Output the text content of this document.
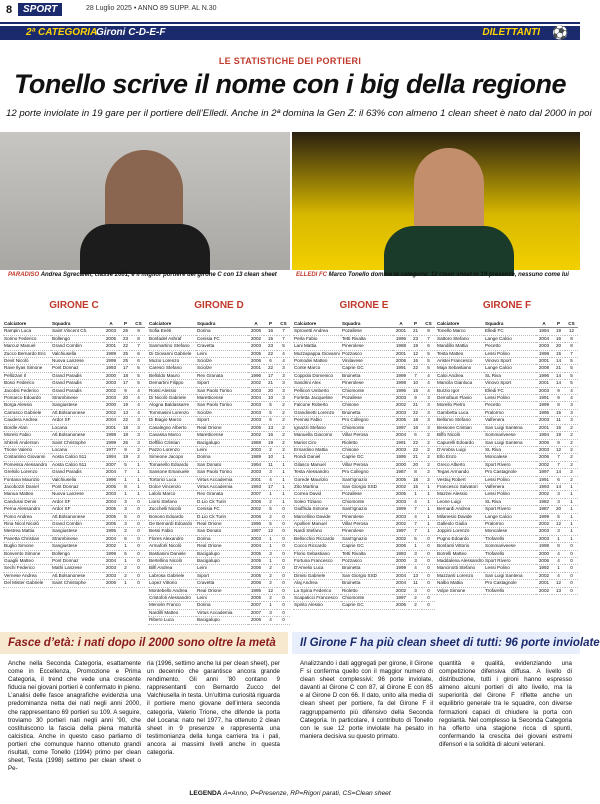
8	SPORT	28 Luglio 2025 • ANNO 89 SUPP. AL N.30
2ª CATEGORIA
Gironi C-D-E-F	DILETTANTI ⚽
LE STATISTICHE DEI PORTIERI
Tonello scrive il nome con i big della regione
12 porte inviolate in 19 gare per il portiere dell’Elledi. Anche in 2ª domina la Gen Z: il 63% con almeno 1 clean sheet è nato dal 2000 in poi
PARADISO Andrea Sgrecaieli, classe 2001, è il miglior portiere del girone C con 13 clean sheet	ELLEDI FC Marco Tonello domina la categoria: 12 clean sheet in 19 presenze, nessuno come lui
GIRONE C
Calciatore	Squadra	A	P	CS
Rampin Luca	Saint Vincent Ch.	2003	26	9
Sorino Federico	Bollengo	2005	23	8
Marcuz Manuel	Grand Combin	2001	22	7
Zucco Bernardo Eric	Valchiusella	1989	25	6
Devit Nicolò	Nuova Lanzese	1999	25	6
Rave Ilyas Simone	Pont Donnaz	1993	17	5
Pellizzari Il	Grand Paradis	2000	18	5
Bosci Federico	Grand Paradis	2003	17	5
Jacobsi Federico	Grand Paradis	2002	9	4
Pomarco Edoardo	Strambinese	2003	20	4
Borga Alessio	Sangiustese	2000	19	4
Carrasco Gabriele	Atl.Bolsanonese	2002	13	4
Caudera Andrea	Ardor SF	2004	22	3
Bordle Alan	Locana	2001	18	3
Morelo Fabio	Atl.Bolsanonese	1998	18	3
Shkreli Anderson	Saint Christophe	1999	26	3
Trione Valerio	Locana	1977	9	2
Costantino Giovanni	Aosta Calcio 511	1994	19	2
Pomessa Alessandro	Aosta Calcio 511	2007	5	1
Grelsilo Lorenzo	Grand Paradis	2004	7	1
Fontana Maurizio	Valchiusella	1996	1	1
Jacobozzi Daniel	Pont Donnaz	2005	8	1
Manua Matteo	Nuova Lanzese	2003	1	1
Candussi Denis	Ardor SF	2004	3	0
Perna Alessandro	Ardor SF	2005	3	0
Pomo Andrea	Atl.Bolsanonese	2005	5	0
Rina Nicol Nicolò	Grand Combin	2005	3	0
Mestrea Mattia	Sangiustese	1995	2	0
Panetta Christian	Strambinese	2004	6	0
Buglio Simone	Sangiustese	2002	1	0
Bonvento Simone	Bollengo	1999	5	0
Guaglii Matteo	Pont Donnaz	2004	1	0
Sechi Federico	Mathi Lanzese	2003	2	0
Vernese Andrea	Atl.Bolsanonese	2003	2	0
Del Mister Gabriele	Saint Christophe	2006	1	0
GIRONE D
Calciatore	Squadra	A	P	CS
Sofia Enéti	Dorina	2006	16	7
Bonfadel Ashraf	Cenisia FC	2002	15	7
Sanmartino Stefano	Cravetta	2003	23	5
Di Giovanni Gabriele	Leini	2005	22	4
Muzio Lorenzo	Sciolze	2006	6	4
Caresci Stefano	Sciolze	2001	22	3
Belloldo Mauro	Rex Granata	1996	17	3
Demartini Filippo	Siport	2002	21	3
Rossi Alessio	San Paolo Torino	2003	20	3
Di Nicolò Gabriele	Maretticense	2004	10	3
Alogna Baldassarre	San Paolo Torino	2003	5	2
Tommasini Lorenzo	Sciolze	2003	5	2
Di Biagio Marco	Siport	2003	6	2
Casalegno Alberto	Real Orione	2005	13	2
Cavassa Marco	Maretticense	2002	16	2
Deffilio Cristian	Bacigalupo	1988	19	2
Pazzo Lorenzo	Leini	2003	2	2
Simeone Jacopo	Dorina	1989	10	1
Tomasello Edoardo	San Donato	1994	11	1
Sansone Emanuele	San Paolo Torino	2003	3	1
Tortorici Luca	Virtus Accademia	2001	4	1
Dolce Vincenzo	Virtus Accademia	1993	17	1
Lalolo Marco	Rex Granata	2007	1	1
Liorsi Stefano	D.Lio Ck Turin	2006	2	1
Zucchelli Nicolò	Cenisia FC	2002	5	0
Bonono Edoardo	D.Lio Ck Turin	2006	2	0
De Bernardi Edoardo	Real Orione	1996	5	0
Bessi Fabio	San Donato	1997	12	0
Flores Alexandro	Dorina	2003	1	0
Armaforli Nicolò	Real Orione	2004	1	0
Bastianini Daniele	Bacigalupo	2005	3	0
Bertellino Nicolò	Bacigalupo	2005	1	0
Bilfi Andrea	Leini	2006	2	0
Labrosa Gabriele	Siport	2005	2	0
Lopez Vittorio	Cravetta	2006	2	0
Montebello Andrea	Real Orione	1995	12	0
Cristofoli Alessandro	Leini	2005	2	0
Menolin Franco	Dorina	2007	1	0
Nardilli Matteo	Virtus Accademia	2007	3	0
Ribero Luca	Bacigalupo	2006	4	0
GIRONE E
Calciatore	Squadra	A	P	CS
Sprovetti Andrea	Pozallese	2001	21	9
Perla Fabio	Tetti Rivalta	1996	23	7
Lani Mattia	Pinerolese	1988	19	6
Muzzapappa Giovanni	Pozzasco	2001	12	5
Pomodei Matteo	Vinilavese	2006	16	5
Conte Marco	Caprie GC	1991	22	5
Coppola Domenico	Bruinetta	1999	7	4
Sandrini Alex	Pinerolese	1998	10	4
Pellicori Umberto	Chiomonte	1995	15	4
Forletta Jacqueline	Pozallese	2003	9	3
Falcone Roberto	Chisone	2002	21	3
Grandinetti Lorenzo	Bruinetta	2003	22	3
Pennisi Fabio	Pro Collegno	2005	18	3
Ignazzi Stefano	Chiomonte	1997	16	3
Manuella Giacomo	Villar Perosa	2004	6	2
Mariot Ciro	Rioletto	1991	22	2
Ernardino Mattia	Chisone	2003	22	2
Rondi Daniel	Caprie GC	1995	21	2
Gilasco Manuel	Villar Perosa	2000	20	2
Testa Alessandro	Pro Collegno	1987	8	2
Gorede Maurizio	Sant'Ignazio	2005	18	2
Zito Martina	San Giorgio SSD	2002	15	1
Correa David	Pozallese	2005	1	1
Soleo Tiziano	Chiomonte	2003	4	1
Giuffrida Simone	Sant'Ignazio	1999	7	1
Marcellino Davide	Pinerolese	2003	4	1
Apollieri Manuel	Villar Perosa	2002	7	1
Nardi Stefano	Pinerolese	1997	7	1
Bellocchio Riccardo	Sant'Ignazio	2002	5	0
Cocco Riccardo	Caprie GC	2006	1	0
Florio Sebastiano	Tetti Rivalta	1993	3	0
Fortuna Francesco	Pozzasco	2000	3	0
D'Amelio Luca	Bruinetta	1999	4	0
Dimisi Gabriele	San Giorgio SSD	2004	13	0
Alaj Andrea	Bruinetta	2004	11	0
La Spina Federico	Rioletto	2002	3	0
Scapaticci Francesco	Chiomonte	1997	2	0
Spirito Alessio	Caprie GC	2006	2	0
GIRONE F
Calciatore	Squadra	A	P	CS
Tonello Marco	Elledi FC	1994	19	12
Sattoro Stefano	Lange Calcio	2004	16	8
Mandillo Mattia	Pecetto	2003	20	8
Testa Matteo	Lessi Polino	1998	15	7
Aristei Francesco	Vinovo Sport	2001	14	5
Maja Sebastiano	Lange Calcio	2008	21	5
Caloi Andrea	SL Riva	1996	14	5
Mancila Gianluca	Vinovo Sport	2001	14	5
Burzio Igor	Elledi FC	2003	9	4
Demofaun Flavio	Lessi Polino	1991	9	4
Morello Pietro	Pecetto	1999	8	3
Gambetta Luca	Pralormo	1995	15	3
Bellomo Stefano	Valfenera	2003	11	3
Bessone Cristian	San Luigi Santena	2001	15	2
Biffo Nicolò	Sommariveese	1994	19	2
Capurelli Edoardo	San Luigi Santena	2006	9	2
D'Ambra Luigi	SL Riva	2003	12	2
Ello Enzo	Moncalese	2006	7	2
Greco Alberto	Sport Rivero	2002	7	2
Tegas Armando	Pro Castagnole	1997	14	2
Vestiuj Robert	Lessi Polino	1991	6	2
Francesco Salvatori	Valfenera	1993	14	1
Mazzei Alessio	Lessi Polino	2002	3	1
Leone Luigi	SL Riva	1982	3	1
Bernardi Andrea	Sport Rivero	1987	20	1
Milanesio Davide	Lange Calcio	1999	5	1
Galleolo Giulia	Pralormo	2002	12	1
Joppini Lorenzo	Moncalese	2003	3	1
Pugno Edoardo	Trofarello	2003	1	1
Bonfanti Vittorio	Sommariveese	1998	8	0
Borrelli Matteo	Trofarello	2000	4	0
Maddalena Alessandro	Sport Rivero	2006	4	0
Mancinotti Stefano	Lessi Polino	1992	1	0
Mazzanti Lorenzo	San Luigi Santena	2002	4	0
Nalbo Mattia	Pro Castagnole	2001	12	0
Volpe Simone	Trofarello	2002	13	0
Fasce d’età: i nati dopo il 2000 sono oltre la metà

Anche nella Seconda Categoria, esattamente come in Eccellenza, Promozione e Prima Categoria, il trend che vede una crescente fiducia nei giovani portieri è confermato in pieno. L’analisi delle fasce anagrafiche evidenzia una predominanza netta dei nati negli anni 2000, che rappresentano 69 portieri su 109. A seguire, troviamo 30 portieri nati negli anni ’90, che costituiscono la fascia della piena maturità calcistica. Anche in questo caso parliamo di portieri che comunque hanno ottenuto grandi risultati, come Tonello (1994) primo per clean sheet, Testa (1998) settimo per clean sheet o Pe-

ria (1996, settimo anche lui per clean sheet), per un decennio che garantisce ancora grande rendimento. Gli anni ’80 contano 9 rappresentanti con Bernardo Zucco del Valchiusella in testa. Un’ultima curiosità riguarda il portiere meno giovane dell’intera seconda categoria, Valerio Trione, che difende la porta del Locana: nato nel 1977, ha ottenuto 2 clean sheet in 9 presenze e rappresenta una testimonianza della lunga carriera tra i pali, ancora ai massimi livelli anche in questa categoria.

Il Girone F ha più clean sheet di tutti: 96 porte inviolate

Analizzando i dati aggregati per girone, il Girone F si conferma quello con il maggior numero di clean sheet complessivi: 96 porte inviolate, davanti al Girone C con 87, al Girone E con 85 e al Girone D con 66. Il dato, unito alla media di clean sheet per portiere, fa del Girone F il raggruppamento più difensivo della Seconda Categoria. In particolare, il contributo di Tonello con le sue 12 porte inviolate ha pesato in maniera decisiva su questo primato.

quantità e qualità, evidenziando una competizione difensiva diffusa. A livello di distribuzione, tutti i gironi hanno espresso almeno alcuni portieri di alto livello, ma la superiorità del Girone F riflette anche un equilibrio generale tra le squadre, con diverse formazioni capaci di chiudere la porta con regolarità. Nel complesso la Seconda Categoria ha offerto una stagione ricca di spunti, confermando la crescita dei giovani estremi difensori e la solidità di alcuni veterani.

LEGENDA A=Anno, P=Presenze, RP=Rigori parati, CS=Clean sheet
